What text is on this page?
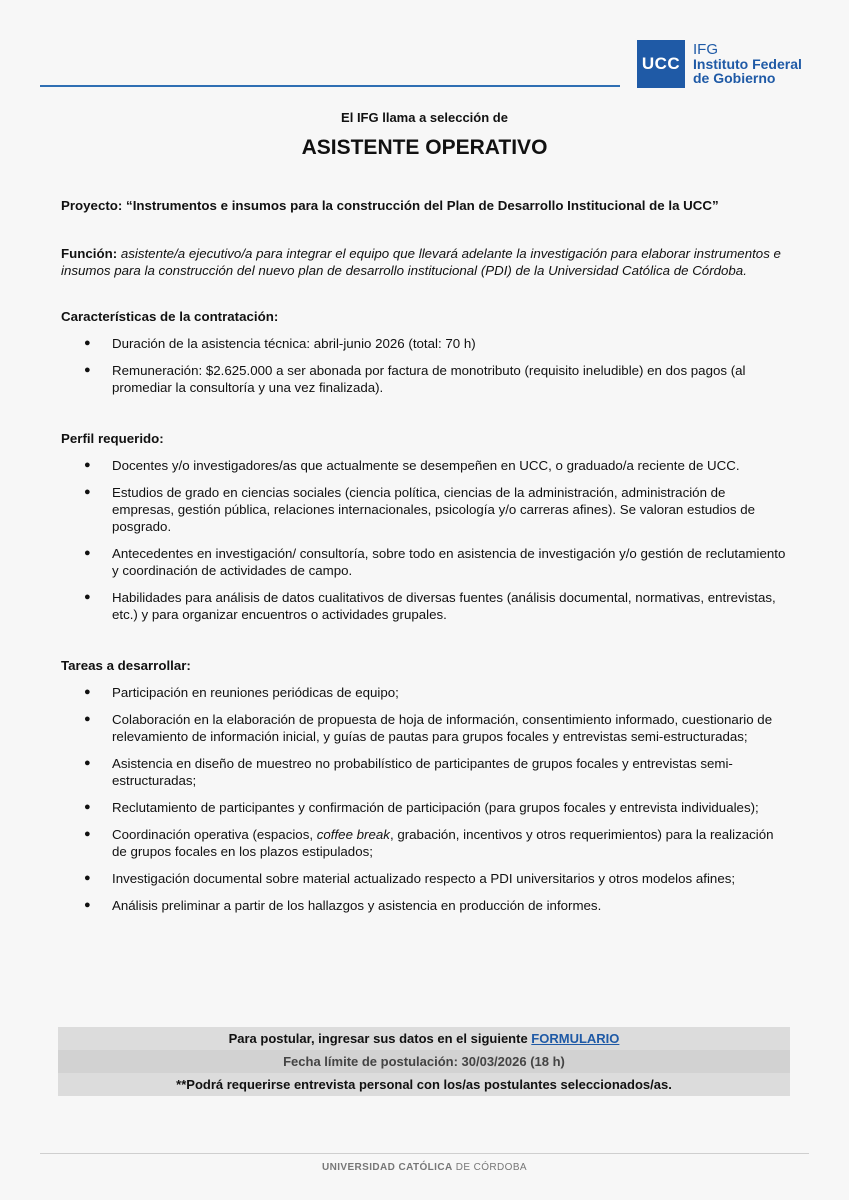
UCC
IFG
Instituto Federal
de Gobierno
El IFG llama a selección de
ASISTENTE OPERATIVO

Proyecto: “Instrumentos e insumos para la construcción del Plan de Desarrollo Institucional de la UCC”

Función: asistente/a ejecutivo/a para integrar el equipo que llevará adelante la investigación para elaborar instrumentos e insumos para la construcción del nuevo plan de desarrollo institucional (PDI) de la Universidad Católica de Córdoba.

Características de la contratación:

● Duración de la asistencia técnica: abril-junio 2026 (total: 70 h)
● Remuneración: $2.625.000 a ser abonada por factura de monotributo (requisito ineludible) en dos pagos (al promediar la consultoría y una vez finalizada).

Perfil requerido:

● Docentes y/o investigadores/as que actualmente se desempeñen en UCC, o graduado/a reciente de UCC.
● Estudios de grado en ciencias sociales (ciencia política, ciencias de la administración, administración de empresas, gestión pública, relaciones internacionales, psicología y/o carreras afines). Se valoran estudios de posgrado.
● Antecedentes en investigación/ consultoría, sobre todo en asistencia de investigación y/o gestión de reclutamiento y coordinación de actividades de campo.
● Habilidades para análisis de datos cualitativos de diversas fuentes (análisis documental, normativas, entrevistas, etc.) y para organizar encuentros o actividades grupales.

Tareas a desarrollar:

● Participación en reuniones periódicas de equipo;
● Colaboración en la elaboración de propuesta de hoja de información, consentimiento informado, cuestionario de relevamiento de información inicial, y guías de pautas para grupos focales y entrevistas semi-estructuradas;
● Asistencia en diseño de muestreo no probabilístico de participantes de grupos focales y entrevistas semi-estructuradas;
● Reclutamiento de participantes y confirmación de participación (para grupos focales y entrevista individuales);
● Coordinación operativa (espacios, coffee break, grabación, incentivos y otros requerimientos) para la realización de grupos focales en los plazos estipulados;
● Investigación documental sobre material actualizado respecto a PDI universitarios y otros modelos afines;
● Análisis preliminar a partir de los hallazgos y asistencia en producción de informes.
Para postular, ingresar sus datos en el siguiente FORMULARIO
Fecha límite de postulación: 30/03/2026 (18 h)
**Podrá requerirse entrevista personal con los/as postulantes seleccionados/as.
UNIVERSIDAD CATÓLICA DE CÓRDOBA
